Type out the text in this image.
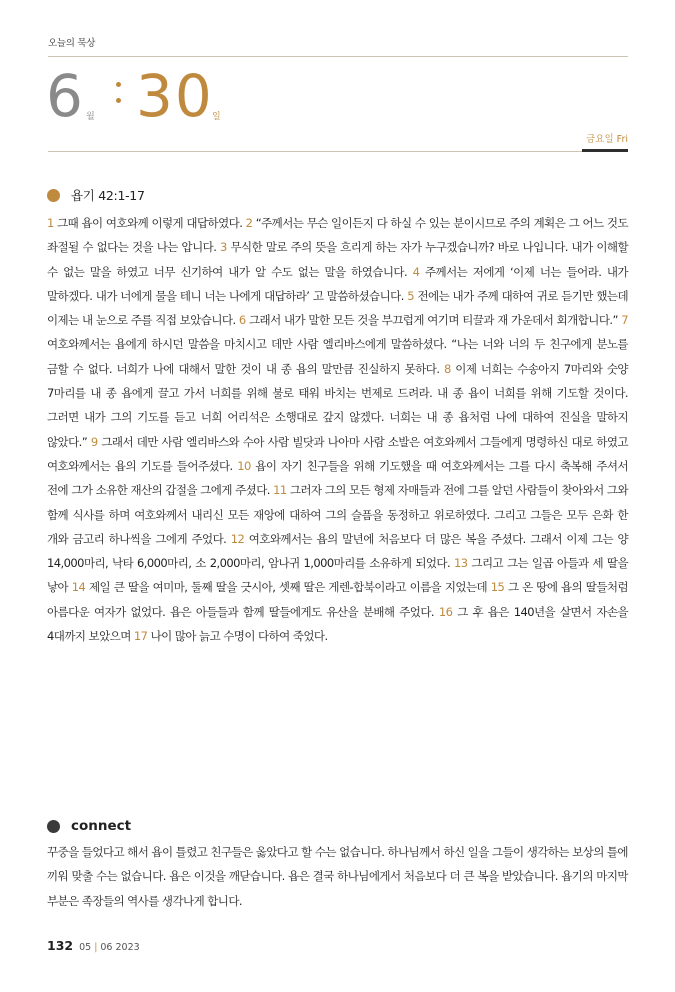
오늘의 묵상
6 월 30
일
금요일 Fri
욥기 42:1-17

1 그때 욥이 여호와께 이렇게 대답하였다. 2 “주께서는 무슨 일이든지 다 하실 수 있는 분이시므로 주의 계획은 그 어느 것도 좌절될 수 없다는 것을 나는 압니다. 3 무식한 말로 주의 뜻을 흐리게 하는 자가 누구겠습니까? 바로 나입니다. 내가 이해할 수 없는 말을 하였고 너무 신기하여 내가 알 수도 없는 말을 하였습니다. 4 주께서는 저에게 ‘이제 너는 들어라. 내가 말하겠다. 내가 너에게 물을 테니 너는 나에게 대답하라’ 고 말씀하셨습니다. 5 전에는 내가 주께 대하여 귀로 듣기만 했는데 이제는 내 눈으로 주를 직접 보았습니다. 6 그래서 내가 말한 모든 것을 부끄럽게 여기며 티끌과 재 가운데서 회개합니다.” 7 여호와께서는 욥에게 하시던 말씀을 마치시고 데만 사람 엘리바스에게 말씀하셨다. “나는 너와 너의 두 친구에게 분노를 금할 수 없다. 너희가 나에 대해서 말한 것이 내 종 욥의 말만큼 진실하지 못하다. 8 이제 너희는 수송아지 7마리와 숫양 7마리를 내 종 욥에게 끌고 가서 너희를 위해 불로 태워 바치는 번제로 드려라. 내 종 욥이 너희를 위해 기도할 것이다. 그러면 내가 그의 기도를 듣고 너희 어리석은 소행대로 갚지 않겠다. 너희는 내 종 욥처럼 나에 대하여 진실을 말하지 않았다.” 9 그래서 데만 사람 엘리바스와 수아 사람 빌닷과 나아마 사람 소발은 여호와께서 그들에게 명령하신 대로 하였고 여호와께서는 욥의 기도를 들어주셨다. 10 욥이 자기 친구들을 위해 기도했을 때 여호와께서는 그를 다시 축복해 주셔서 전에 그가 소유한 재산의 갑절을 그에게 주셨다. 11 그러자 그의 모든 형제 자매들과 전에 그를 알던 사람들이 찾아와서 그와 함께 식사를 하며 여호와께서 내리신 모든 재앙에 대하여 그의 슬픔을 동정하고 위로하였다. 그리고 그들은 모두 은화 한 개와 금고리 하나씩을 그에게 주었다. 12 여호와께서는 욥의 말년에 처음보다 더 많은 복을 주셨다. 그래서 이제 그는 양 14,000마리, 낙타 6,000마리, 소 2,000마리, 암나귀 1,000마리를 소유하게 되었다. 13 그리고 그는 일곱 아들과 세 딸을 낳아 14 제일 큰 딸을 여미마, 둘째 딸을 긋시아, 셋째 딸은 게렌-합북이라고 이름을 지었는데 15 그 온 땅에 욥의 딸들처럼 아름다운 여자가 없었다. 욥은 아들들과 함께 딸들에게도 유산을 분배해 주었다. 16 그 후 욥은 140년을 살면서 자손을 4대까지 보았으며 17 나이 많아 늙고 수명이 다하여 죽었다.

connect

꾸중을 들었다고 해서 욥이 틀렸고 친구들은 옳았다고 할 수는 없습니다. 하나님께서 하신 일을 그들이 생각하는 보상의 틀에 끼워 맞출 수는 없습니다. 욥은 이것을 깨닫습니다. 욥은 결국 하나님에게서 처음보다 더 큰 복을 받았습니다. 욥기의 마지막 부분은 족장들의 역사를 생각나게 합니다.

132 05 | 06 2023
